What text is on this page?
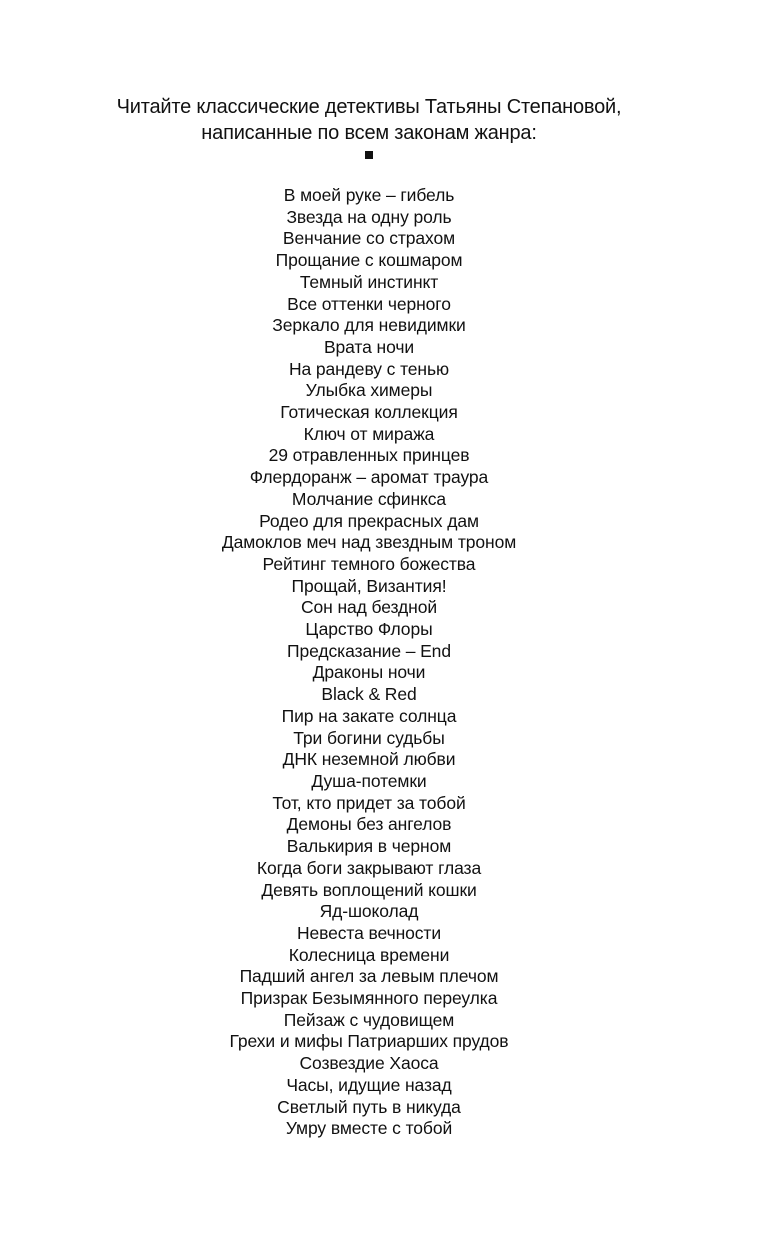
Читайте классические детективы Татьяны Степановой,
написанные по всем законам жанра:
В моей руке – гибель
Звезда на одну роль
Венчание со страхом
Прощание с кошмаром
Темный инстинкт
Все оттенки черного
Зеркало для невидимки
Врата ночи
На рандеву с тенью
Улыбка химеры
Готическая коллекция
Ключ от миража
29 отравленных принцев
Флердоранж – аромат траура
Молчание сфинкса
Родео для прекрасных дам
Дамоклов меч над звездным троном
Рейтинг темного божества
Прощай, Византия!
Сон над бездной
Царство Флоры
Предсказание – End
Драконы ночи
Black & Red
Пир на закате солнца
Три богини судьбы
ДНК неземной любви
Душа-потемки
Тот, кто придет за тобой
Демоны без ангелов
Валькирия в черном
Когда боги закрывают глаза
Девять воплощений кошки
Яд-шоколад
Невеста вечности
Колесница времени
Падший ангел за левым плечом
Призрак Безымянного переулка
Пейзаж с чудовищем
Грехи и мифы Патриарших прудов
Созвездие Хаоса
Часы, идущие назад
Светлый путь в никуда
Умру вместе с тобой
